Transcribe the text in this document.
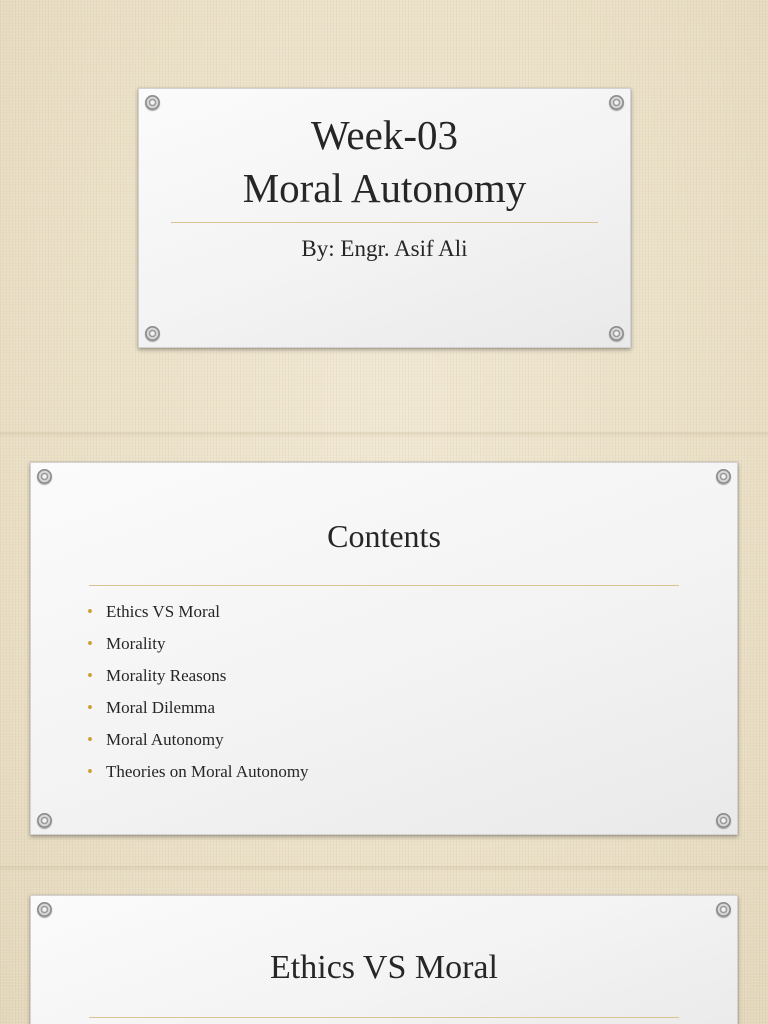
Week-03
Moral Autonomy
By: Engr. Asif Ali
Contents
• Ethics VS Moral
• Morality
• Morality Reasons
• Moral Dilemma
• Moral Autonomy
• Theories on Moral Autonomy
Ethics VS Moral
